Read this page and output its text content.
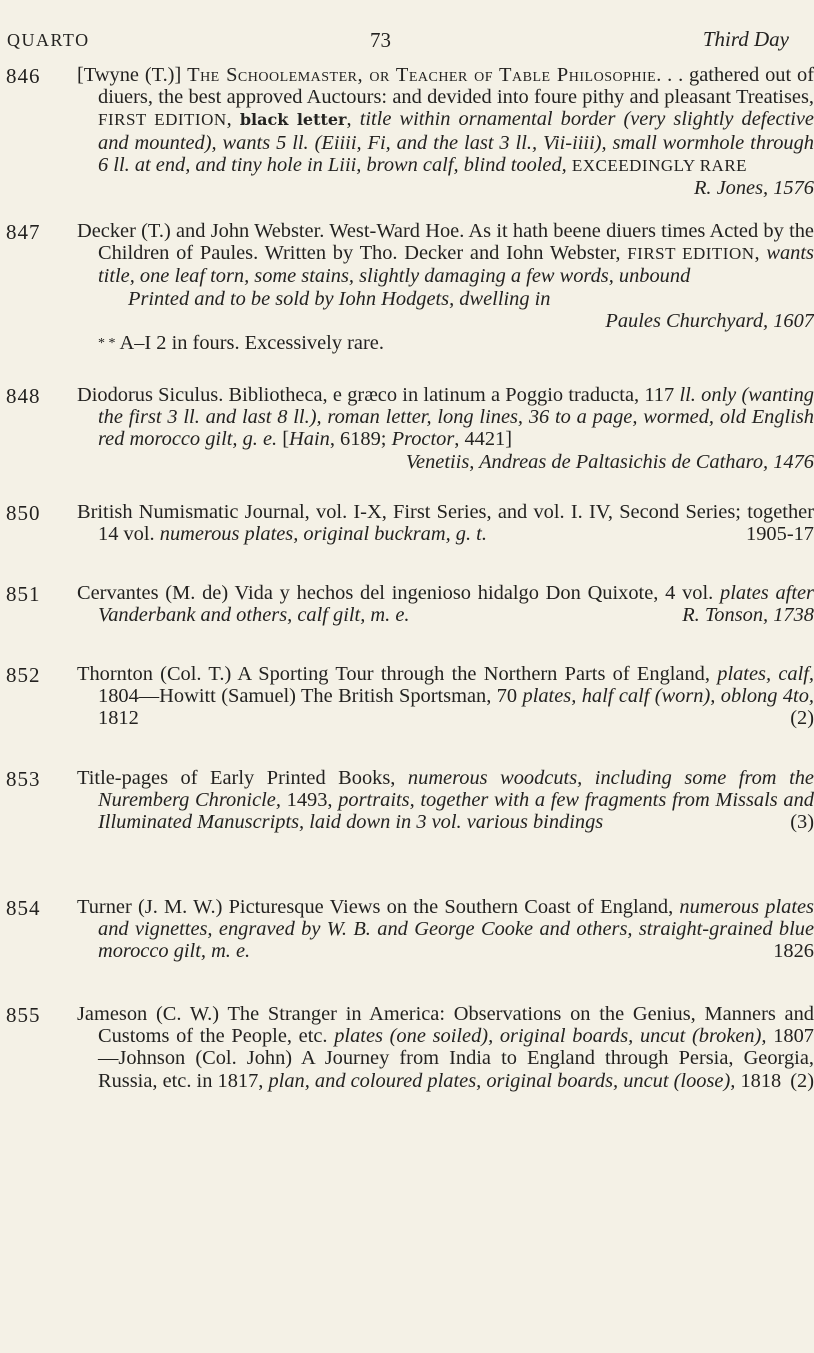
QUARTO	73	Third Day
846 [Twyne (T.)] The Schoolemaster, or Teacher of Table Philosophie. . . gathered out of diuers, the best approved Auctours: and devided into foure pithy and pleasant Treatises, FIRST EDITION, black letter, title within ornamental border (very slightly defective and mounted), wants 5 ll. (Eiiii, Fi, and the last 3 ll., Vii-iiii), small wormhole through 6 ll. at end, and tiny hole in Liii, brown calf, blind tooled, EXCEEDINGLY RARE
R. Jones, 1576
847 Decker (T.) and John Webster. West-Ward Hoe. As it hath beene diuers times Acted by the Children of Paules. Written by Tho. Decker and Iohn Webster, FIRST EDITION, wants title, one leaf torn, some stains, slightly damaging a few words, unbound
Printed and to be sold by Iohn Hodgets, dwelling in
Paules Churchyard, 1607
* * A–I 2 in fours. Excessively rare.
848 Diodorus Siculus. Bibliotheca, e græco in latinum a Poggio traducta, 117 ll. only (wanting the first 3 ll. and last 8 ll.), roman letter, long lines, 36 to a page, wormed, old English red morocco gilt, g. e. [Hain, 6189; Proctor, 4421]
Venetiis, Andreas de Paltasichis de Catharo, 1476
850 British Numismatic Journal, vol. I-X, First Series, and vol. I. IV, Second Series; together 14 vol. numerous plates, original buckram, g. t.	1905-17
851 Cervantes (M. de) Vida y hechos del ingenioso hidalgo Don Quixote, 4 vol. plates after Vanderbank and others, calf gilt, m. e.	R. Tonson, 1738
852 Thornton (Col. T.) A Sporting Tour through the Northern Parts of England, plates, calf, 1804—Howitt (Samuel) The British Sportsman, 70 plates, half calf (worn), oblong 4to, 1812	(2)
853 Title-pages of Early Printed Books, numerous woodcuts, including some from the Nuremberg Chronicle, 1493, portraits, together with a few fragments from Missals and Illuminated Manuscripts, laid down in 3 vol. various bindings	(3)
854 Turner (J. M. W.) Picturesque Views on the Southern Coast of England, numerous plates and vignettes, engraved by W. B. and George Cooke and others, straight-grained blue morocco gilt, m. e.	1826
855 Jameson (C. W.) The Stranger in America: Observations on the Genius, Manners and Customs of the People, etc. plates (one soiled), original boards, uncut (broken), 1807—Johnson (Col. John) A Journey from India to England through Persia, Georgia, Russia, etc. in 1817, plan, and coloured plates, original boards, uncut (loose), 1818 (2)
